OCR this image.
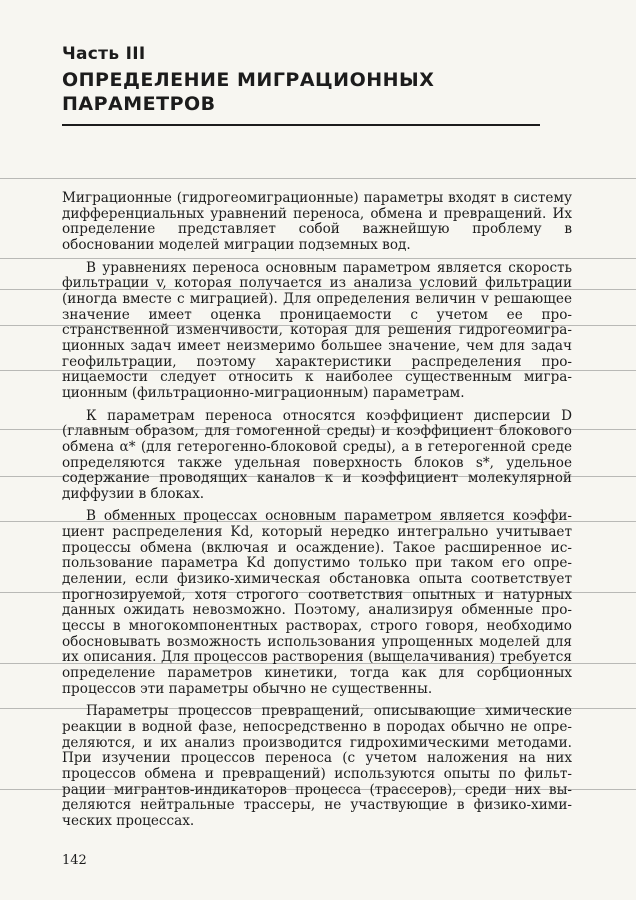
Часть III
ОПРЕДЕЛЕНИЕ МИГРАЦИОННЫХ
ПАРАМЕТРОВ

Миграционные (гидрогеомиграционные) параметры входят в систему дифференциальных уравнений переноса, обмена и превращений. Их определение представляет собой важнейшую проблему в обосновании моделей миграции подземных вод.

В уравнениях переноса основным параметром является скорость фильтрации v, которая получается из анализа условий фильтрации (иногда вместе с миграцией). Для определения величин v решающее значение имеет оценка проницаемости с учетом ее пространственной изменчивости, которая для решения гидрогеомиграционных задач имеет неизмеримо большее значение, чем для задач геофильтрации, поэтому характеристики распределения проницаемости следует относить к наиболее существенным миграционным (фильтрационно-миграционным) параметрам.

К параметрам переноса относятся коэффициент дисперсии D (главным образом, для гомогенной среды) и коэффициент блокового обмена α* (для гетерогенно-блоковой среды), а в гетерогенной среде определяются также удельная поверхность блоков s*, удельное содержание проводящих каналов κ и коэффициент молекулярной диффузии в блоках.

В обменных процессах основным параметром является коэффициент распределения Kd, который нередко интегрально учитывает процессы обмена (включая и осаждение). Такое расширенное использование параметра Kd допустимо только при таком его определении, если физико-химическая обстановка опыта соответствует прогнозируемой, хотя строгого соответствия опытных и натурных данных ожидать невозможно. Поэтому, анализируя обменные процессы в многокомпонентных растворах, строго говоря, необходимо обосновывать возможность использования упрощенных моделей для их описания. Для процессов растворения (выщелачивания) требуется определение параметров кинетики, тогда как для сорбционных процессов эти параметры обычно не существенны.

Параметры процессов превращений, описывающие химические реакции в водной фазе, непосредственно в породах обычно не определяются, и их анализ производится гидрохимическими методами. При изучении процессов переноса (с учетом наложения на них процессов обмена и превращений) используются опыты по фильтрации мигрантов-индикаторов процесса (трассеров), среди них выделяются нейтральные трассеры, не участвующие в физико-химических процессах.

142
